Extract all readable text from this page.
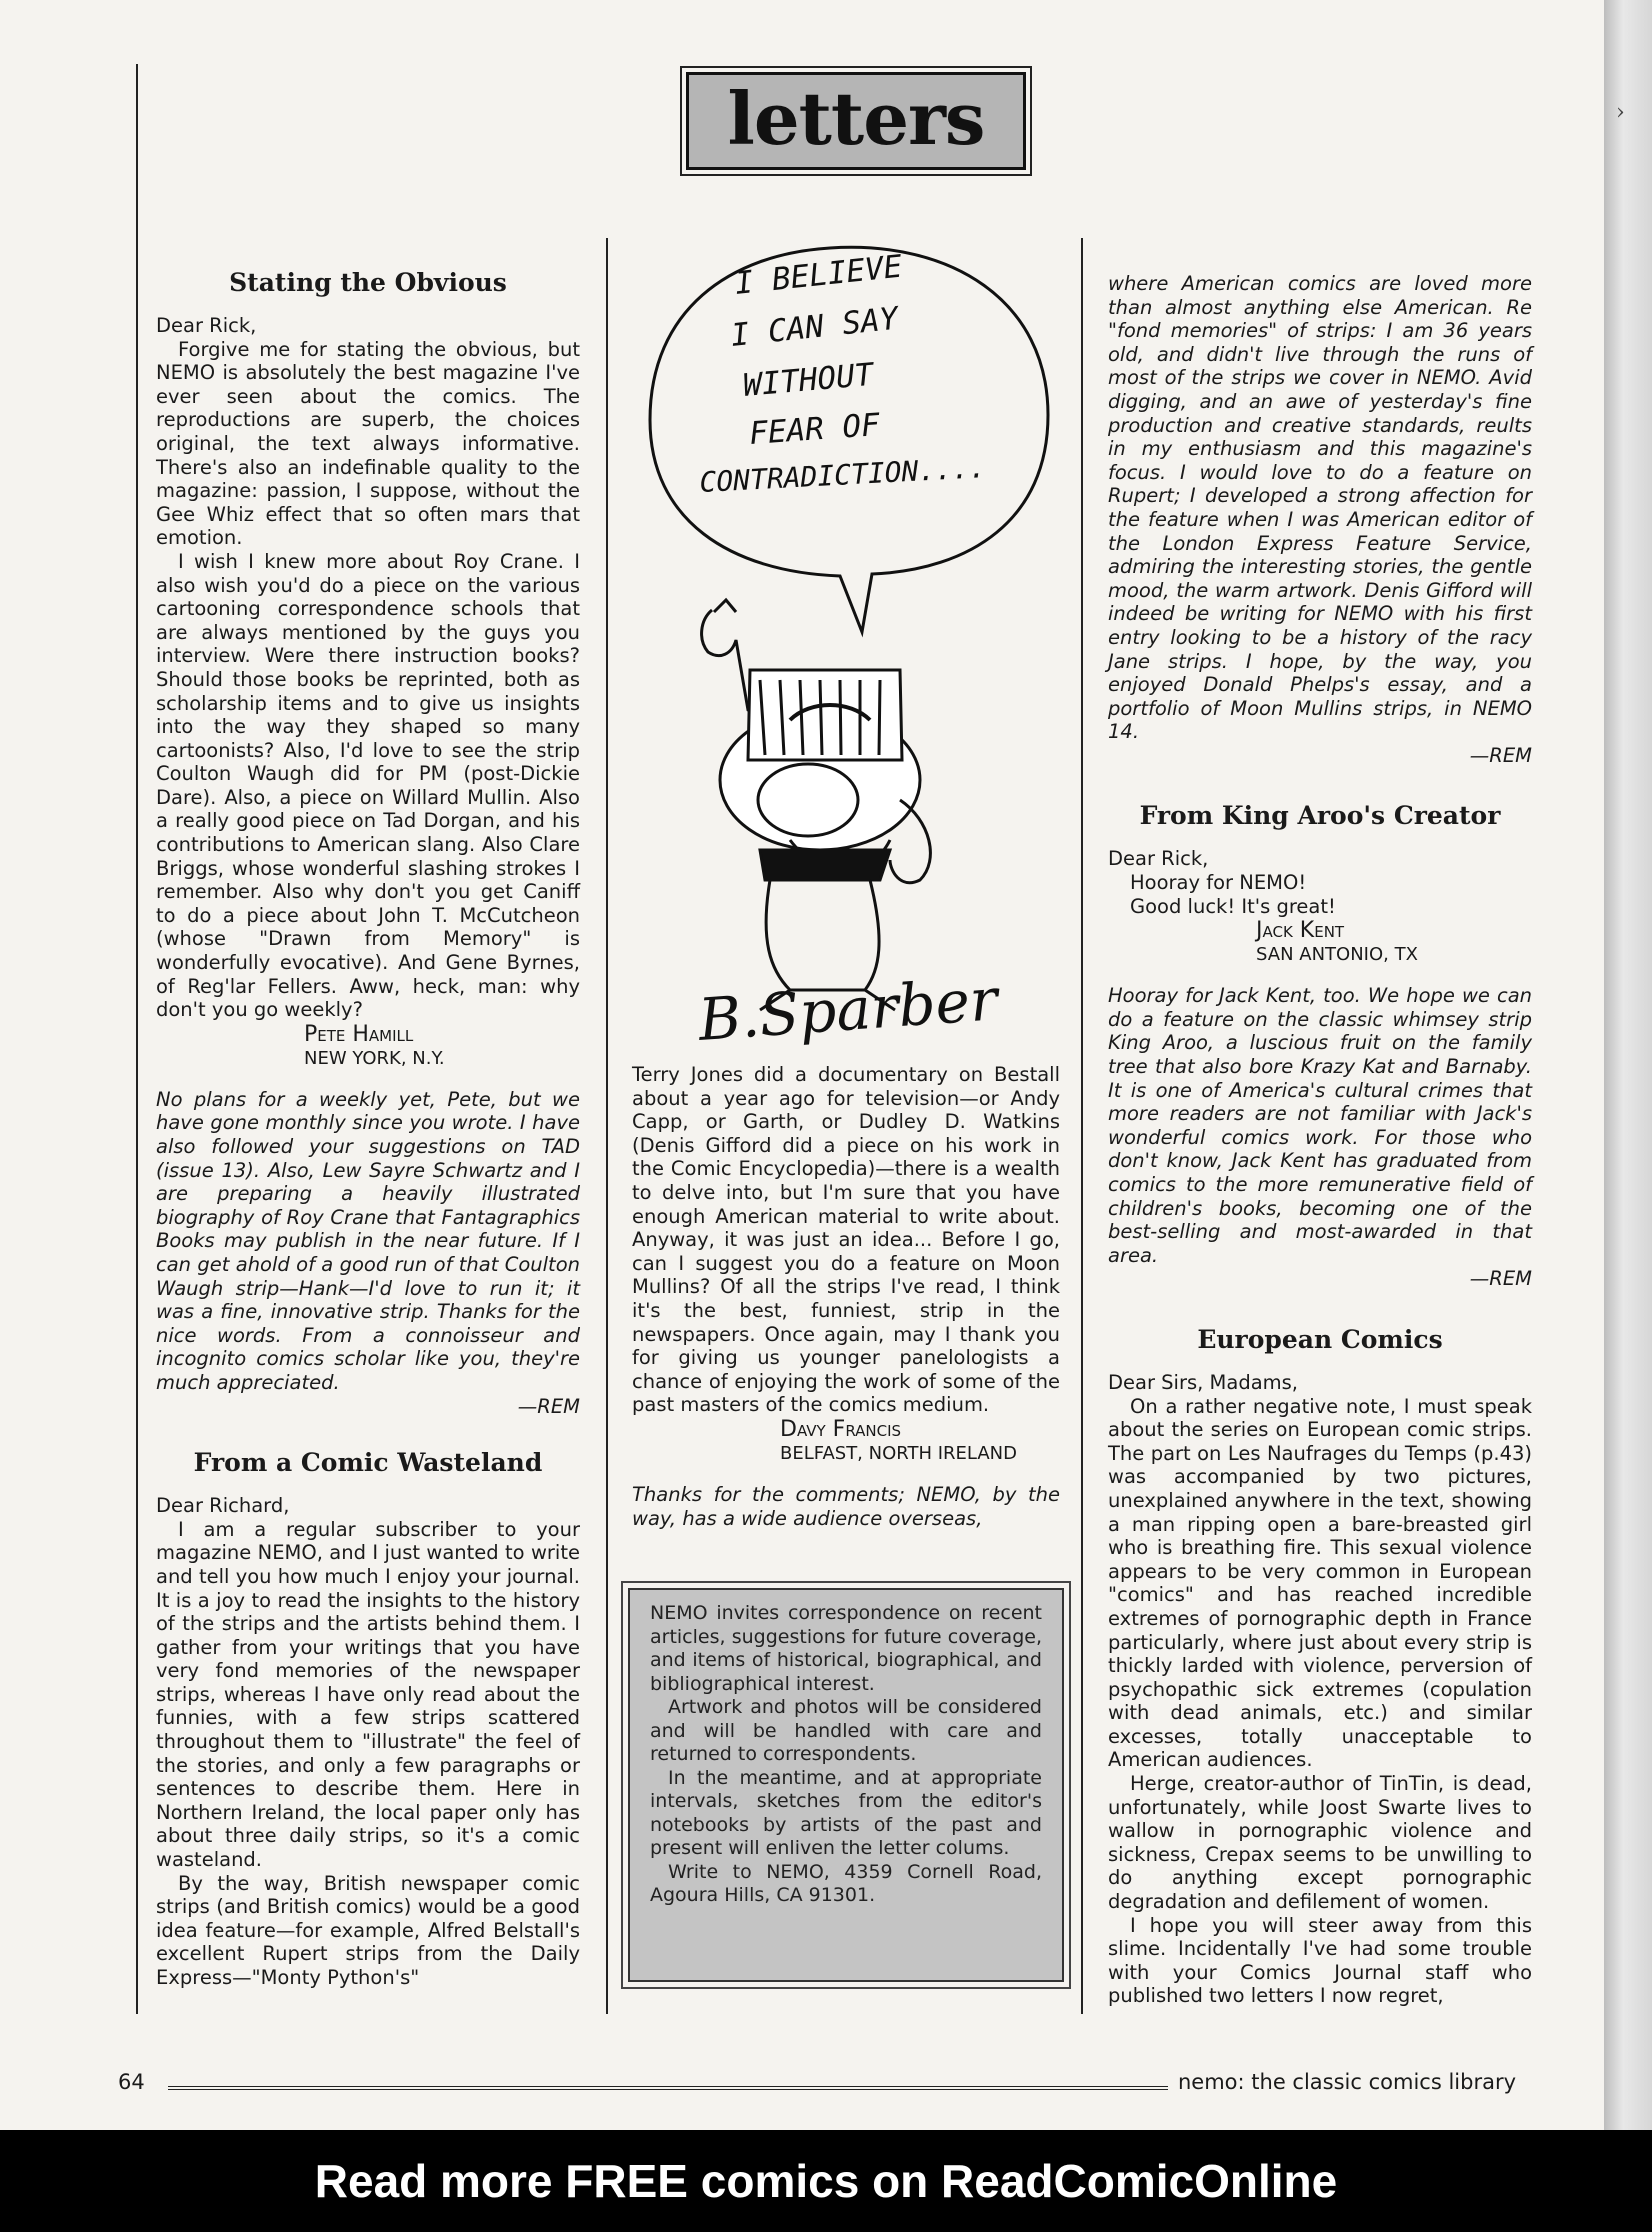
›
letters

Stating the Obvious

Dear Rick,

Forgive me for stating the obvious, but NEMO is absolutely the best magazine I've ever seen about the comics. The reproductions are superb, the choices original, the text always informative. There's also an indefinable quality to the magazine: passion, I suppose, without the Gee Whiz effect that so often mars that emotion.

I wish I knew more about Roy Crane. I also wish you'd do a piece on the various cartooning correspondence schools that are always mentioned by the guys you interview. Were there instruction books? Should those books be reprinted, both as scholarship items and to give us insights into the way they shaped so many cartoonists? Also, I'd love to see the strip Coulton Waugh did for PM (post-Dickie Dare). Also, a piece on Willard Mullin. Also a really good piece on Tad Dorgan, and his contributions to American slang. Also Clare Briggs, whose wonderful slashing strokes I remember. Also why don't you get Caniff to do a piece about John T. McCutcheon (whose "Drawn from Memory" is wonderfully evocative). And Gene Byrnes, of Reg'lar Fellers. Aww, heck, man: why don't you go weekly?

Pete Hamill

NEW YORK, N.Y.

No plans for a weekly yet, Pete, but we have gone monthly since you wrote. I have also followed your suggestions on TAD (issue 13). Also, Lew Sayre Schwartz and I are preparing a heavily illustrated biography of Roy Crane that Fantagraphics Books may publish in the near future. If I can get ahold of a good run of that Coulton Waugh strip—Hank—I'd love to run it; it was a fine, innovative strip. Thanks for the nice words. From a connoisseur and incognito comics scholar like you, they're much appreciated.

—REM

From a Comic Wasteland

Dear Richard,

I am a regular subscriber to your magazine NEMO, and I just wanted to write and tell you how much I enjoy your journal. It is a joy to read the insights to the history of the strips and the artists behind them. I gather from your writings that you have very fond memories of the newspaper strips, whereas I have only read about the funnies, with a few strips scattered throughout them to "illustrate" the feel of the stories, and only a few paragraphs or sentences to describe them. Here in Northern Ireland, the local paper only has about three daily strips, so it's a comic wasteland.

By the way, British newspaper comic strips (and British comics) would be a good idea feature—for example, Alfred Belstall's excellent Rupert strips from the Daily Express—"Monty Python's"

I BELIEVE
I CAN SAY
WITHOUT
FEAR OF
CONTRADICTION....
B.Sparber

Terry Jones did a documentary on Bestall about a year ago for television—or Andy Capp, or Garth, or Dudley D. Watkins (Denis Gifford did a piece on his work in the Comic Encyclopedia)—there is a wealth to delve into, but I'm sure that you have enough American material to write about. Anyway, it was just an idea... Before I go, can I suggest you do a feature on Moon Mullins? Of all the strips I've read, I think it's the best, funniest, strip in the newspapers. Once again, may I thank you for giving us younger panelologists a chance of enjoying the work of some of the past masters of the comics medium.

Davy Francis

BELFAST, NORTH IRELAND

Thanks for the comments; NEMO, by the way, has a wide audience overseas,

NEMO invites correspondence on recent articles, suggestions for future coverage, and items of historical, biographical, and bibliographical interest.

Artwork and photos will be considered and will be handled with care and returned to correspondents.

In the meantime, and at appropriate intervals, sketches from the editor's notebooks by artists of the past and present will enliven the letter colums.

Write to NEMO, 4359 Cornell Road, Agoura Hills, CA 91301.

where American comics are loved more than almost anything else American. Re "fond memories" of strips: I am 36 years old, and didn't live through the runs of most of the strips we cover in NEMO. Avid digging, and an awe of yesterday's fine production and creative standards, reults in my enthusiasm and this magazine's focus. I would love to do a feature on Rupert; I developed a strong affection for the feature when I was American editor of the London Express Feature Service, admiring the interesting stories, the gentle mood, the warm artwork. Denis Gifford will indeed be writing for NEMO with his first entry looking to be a history of the racy Jane strips. I hope, by the way, you enjoyed Donald Phelps's essay, and a portfolio of Moon Mullins strips, in NEMO 14.

—REM

From King Aroo's Creator

Dear Rick,

Hooray for NEMO!

Good luck! It's great!

Jack Kent

SAN ANTONIO, TX

Hooray for Jack Kent, too. We hope we can do a feature on the classic whimsey strip King Aroo, a luscious fruit on the family tree that also bore Krazy Kat and Barnaby. It is one of America's cultural crimes that more readers are not familiar with Jack's wonderful comics work. For those who don't know, Jack Kent has graduated from comics to the more remunerative field of children's books, becoming one of the best-selling and most-awarded in that area.

—REM

European Comics

Dear Sirs, Madams,

On a rather negative note, I must speak about the series on European comic strips. The part on Les Naufrages du Temps (p.43) was accompanied by two pictures, unexplained anywhere in the text, showing a man ripping open a bare-breasted girl who is breathing fire. This sexual violence appears to be very common in European "comics" and has reached incredible extremes of pornographic depth in France particularly, where just about every strip is thickly larded with violence, perversion of psychopathic sick extremes (copulation with dead animals, etc.) and similar excesses, totally unacceptable to American audiences.

Herge, creator-author of TinTin, is dead, unfortunately, while Joost Swarte lives to wallow in pornographic violence and sickness, Crepax seems to be unwilling to do anything except pornographic degradation and defilement of women.

I hope you will steer away from this slime. Incidentally I've had some trouble with your Comics Journal staff who published two letters I now regret,

64	nemo: the classic comics library
Read more FREE comics on ReadComicOnline
